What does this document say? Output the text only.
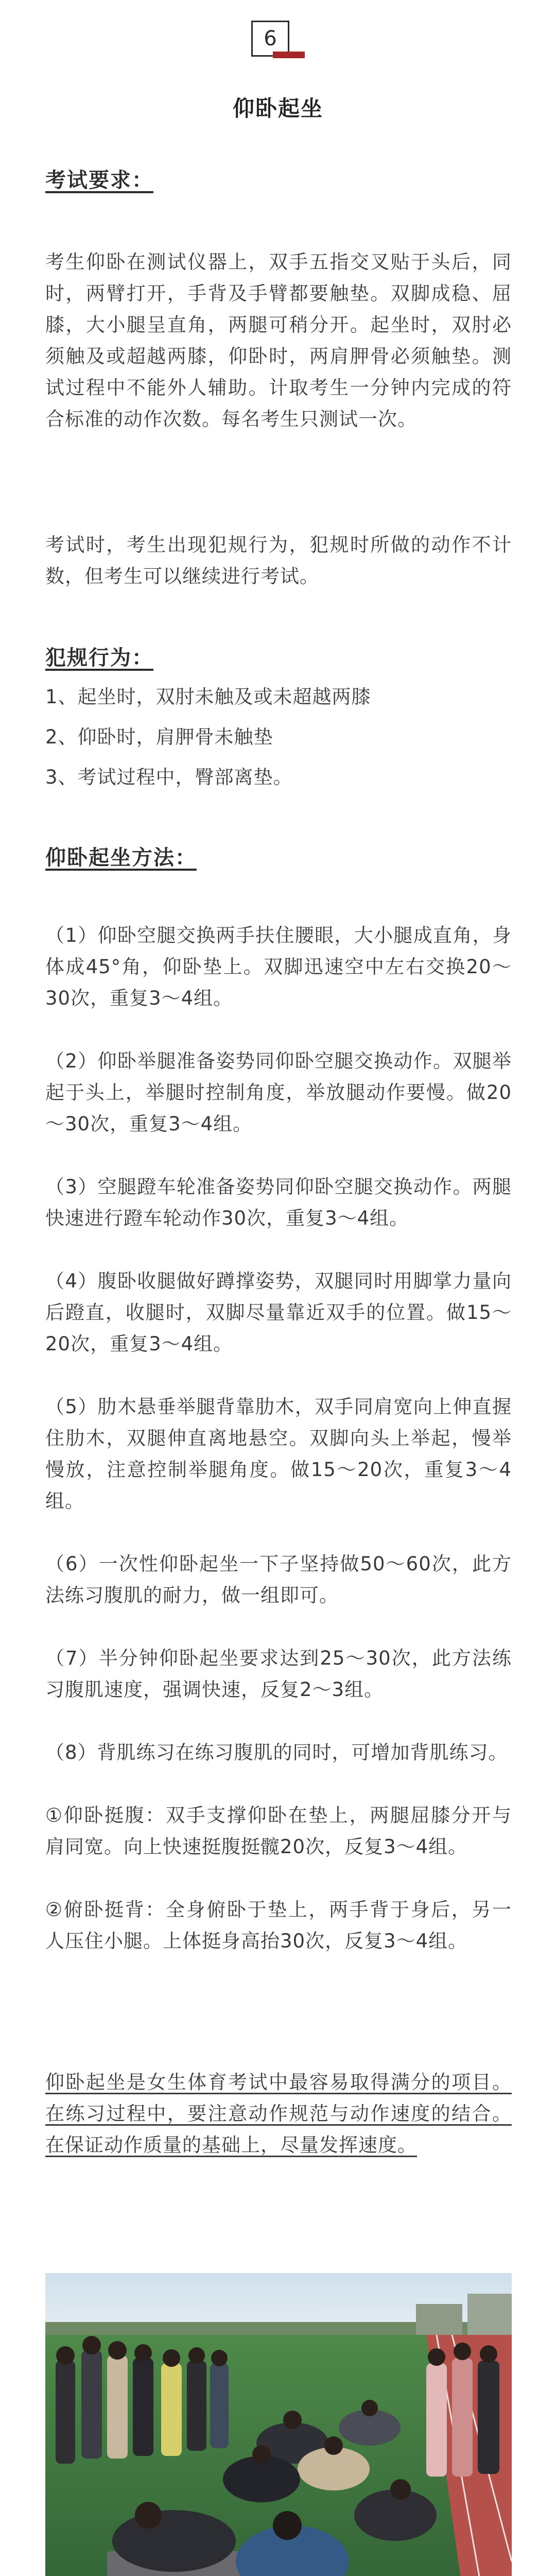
6
仰卧起坐
考试要求：
考生仰卧在测试仪器上，双手五指交叉贴于头后，同时，两臂打开，手背及手臂都要触垫。双脚成稳、屈膝，大小腿呈直角，两腿可稍分开。起坐时，双肘必须触及或超越两膝，仰卧时，两肩胛骨必须触垫。测试过程中不能外人辅助。计取考生一分钟内完成的符合标准的动作次数。每名考生只测试一次。
考试时，考生出现犯规行为，犯规时所做的动作不计数，但考生可以继续进行考试。
犯规行为：
1、起坐时，双肘未触及或未超越两膝
2、仰卧时，肩胛骨未触垫
3、考试过程中，臀部离垫。
仰卧起坐方法：
（1）仰卧空腿交换两手扶住腰眼，大小腿成直角，身体成45°角，仰卧垫上。双脚迅速空中左右交换20～30次，重复3～4组。
（2）仰卧举腿准备姿势同仰卧空腿交换动作。双腿举起于头上，举腿时控制角度，举放腿动作要慢。做20～30次，重复3～4组。
（3）空腿蹬车轮准备姿势同仰卧空腿交换动作。两腿快速进行蹬车轮动作30次，重复3～4组。
（4）腹卧收腿做好蹲撑姿势，双腿同时用脚掌力量向后蹬直，收腿时，双脚尽量靠近双手的位置。做15～20次，重复3～4组。
（5）肋木悬垂举腿背靠肋木，双手同肩宽向上伸直握住肋木，双腿伸直离地悬空。双脚向头上举起，慢举慢放，注意控制举腿角度。做15～20次，重复3～4组。
（6）一次性仰卧起坐一下子坚持做50～60次，此方法练习腹肌的耐力，做一组即可。
（7）半分钟仰卧起坐要求达到25～30次，此方法练习腹肌速度，强调快速，反复2～3组。
（8）背肌练习在练习腹肌的同时，可增加背肌练习。
①仰卧挺腹：双手支撑仰卧在垫上，两腿屈膝分开与肩同宽。向上快速挺腹挺髋20次，反复3～4组。
②俯卧挺背：全身俯卧于垫上，两手背于身后，另一人压住小腿。上体挺身高抬30次，反复3～4组。
仰卧起坐是女生体育考试中最容易取得满分的项目。在练习过程中，要注意动作规范与动作速度的结合。在保证动作质量的基础上，尽量发挥速度。
